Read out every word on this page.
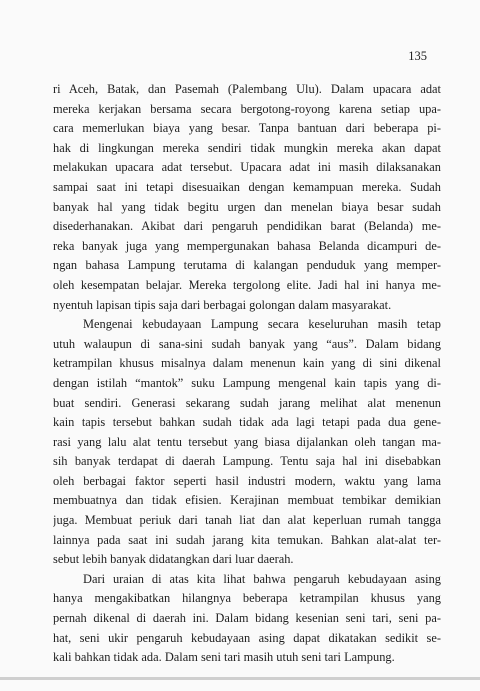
135
ri Aceh, Batak, dan Pasemah (Palembang Ulu). Dalam upacara adat
mereka kerjakan bersama secara bergotong-royong karena setiap upa-
cara memerlukan biaya yang besar. Tanpa bantuan dari beberapa pi-
hak di lingkungan mereka sendiri tidak mungkin mereka akan dapat
melakukan upacara adat tersebut. Upacara adat ini masih dilaksanakan
sampai saat ini tetapi disesuaikan dengan kemampuan mereka. Sudah
banyak hal yang tidak begitu urgen dan menelan biaya besar sudah
disederhanakan. Akibat dari pengaruh pendidikan barat (Belanda) me-
reka banyak juga yang mempergunakan bahasa Belanda dicampuri de-
ngan bahasa Lampung terutama di kalangan penduduk yang memper-
oleh kesempatan belajar. Mereka tergolong elite. Jadi hal ini hanya me-
nyentuh lapisan tipis saja dari berbagai golongan dalam masyarakat.
Mengenai kebudayaan Lampung secara keseluruhan masih tetap
utuh walaupun di sana-sini sudah banyak yang “aus”. Dalam bidang
ketrampilan khusus misalnya dalam menenun kain yang di sini dikenal
dengan istilah “mantok” suku Lampung mengenal kain tapis yang di-
buat sendiri. Generasi sekarang sudah jarang melihat alat menenun
kain tapis tersebut bahkan sudah tidak ada lagi tetapi pada dua gene-
rasi yang lalu alat tentu tersebut yang biasa dijalankan oleh tangan ma-
sih banyak terdapat di daerah Lampung. Tentu saja hal ini disebabkan
oleh berbagai faktor seperti hasil industri modern, waktu yang lama
membuatnya dan tidak efisien. Kerajinan membuat tembikar demikian
juga. Membuat periuk dari tanah liat dan alat keperluan rumah tangga
lainnya pada saat ini sudah jarang kita temukan. Bahkan alat-alat ter-
sebut lebih banyak didatangkan dari luar daerah.
Dari uraian di atas kita lihat bahwa pengaruh kebudayaan asing
hanya mengakibatkan hilangnya beberapa ketrampilan khusus yang
pernah dikenal di daerah ini. Dalam bidang kesenian seni tari, seni pa-
hat, seni ukir pengaruh kebudayaan asing dapat dikatakan sedikit se-
kali bahkan tidak ada. Dalam seni tari masih utuh seni tari Lampung.
